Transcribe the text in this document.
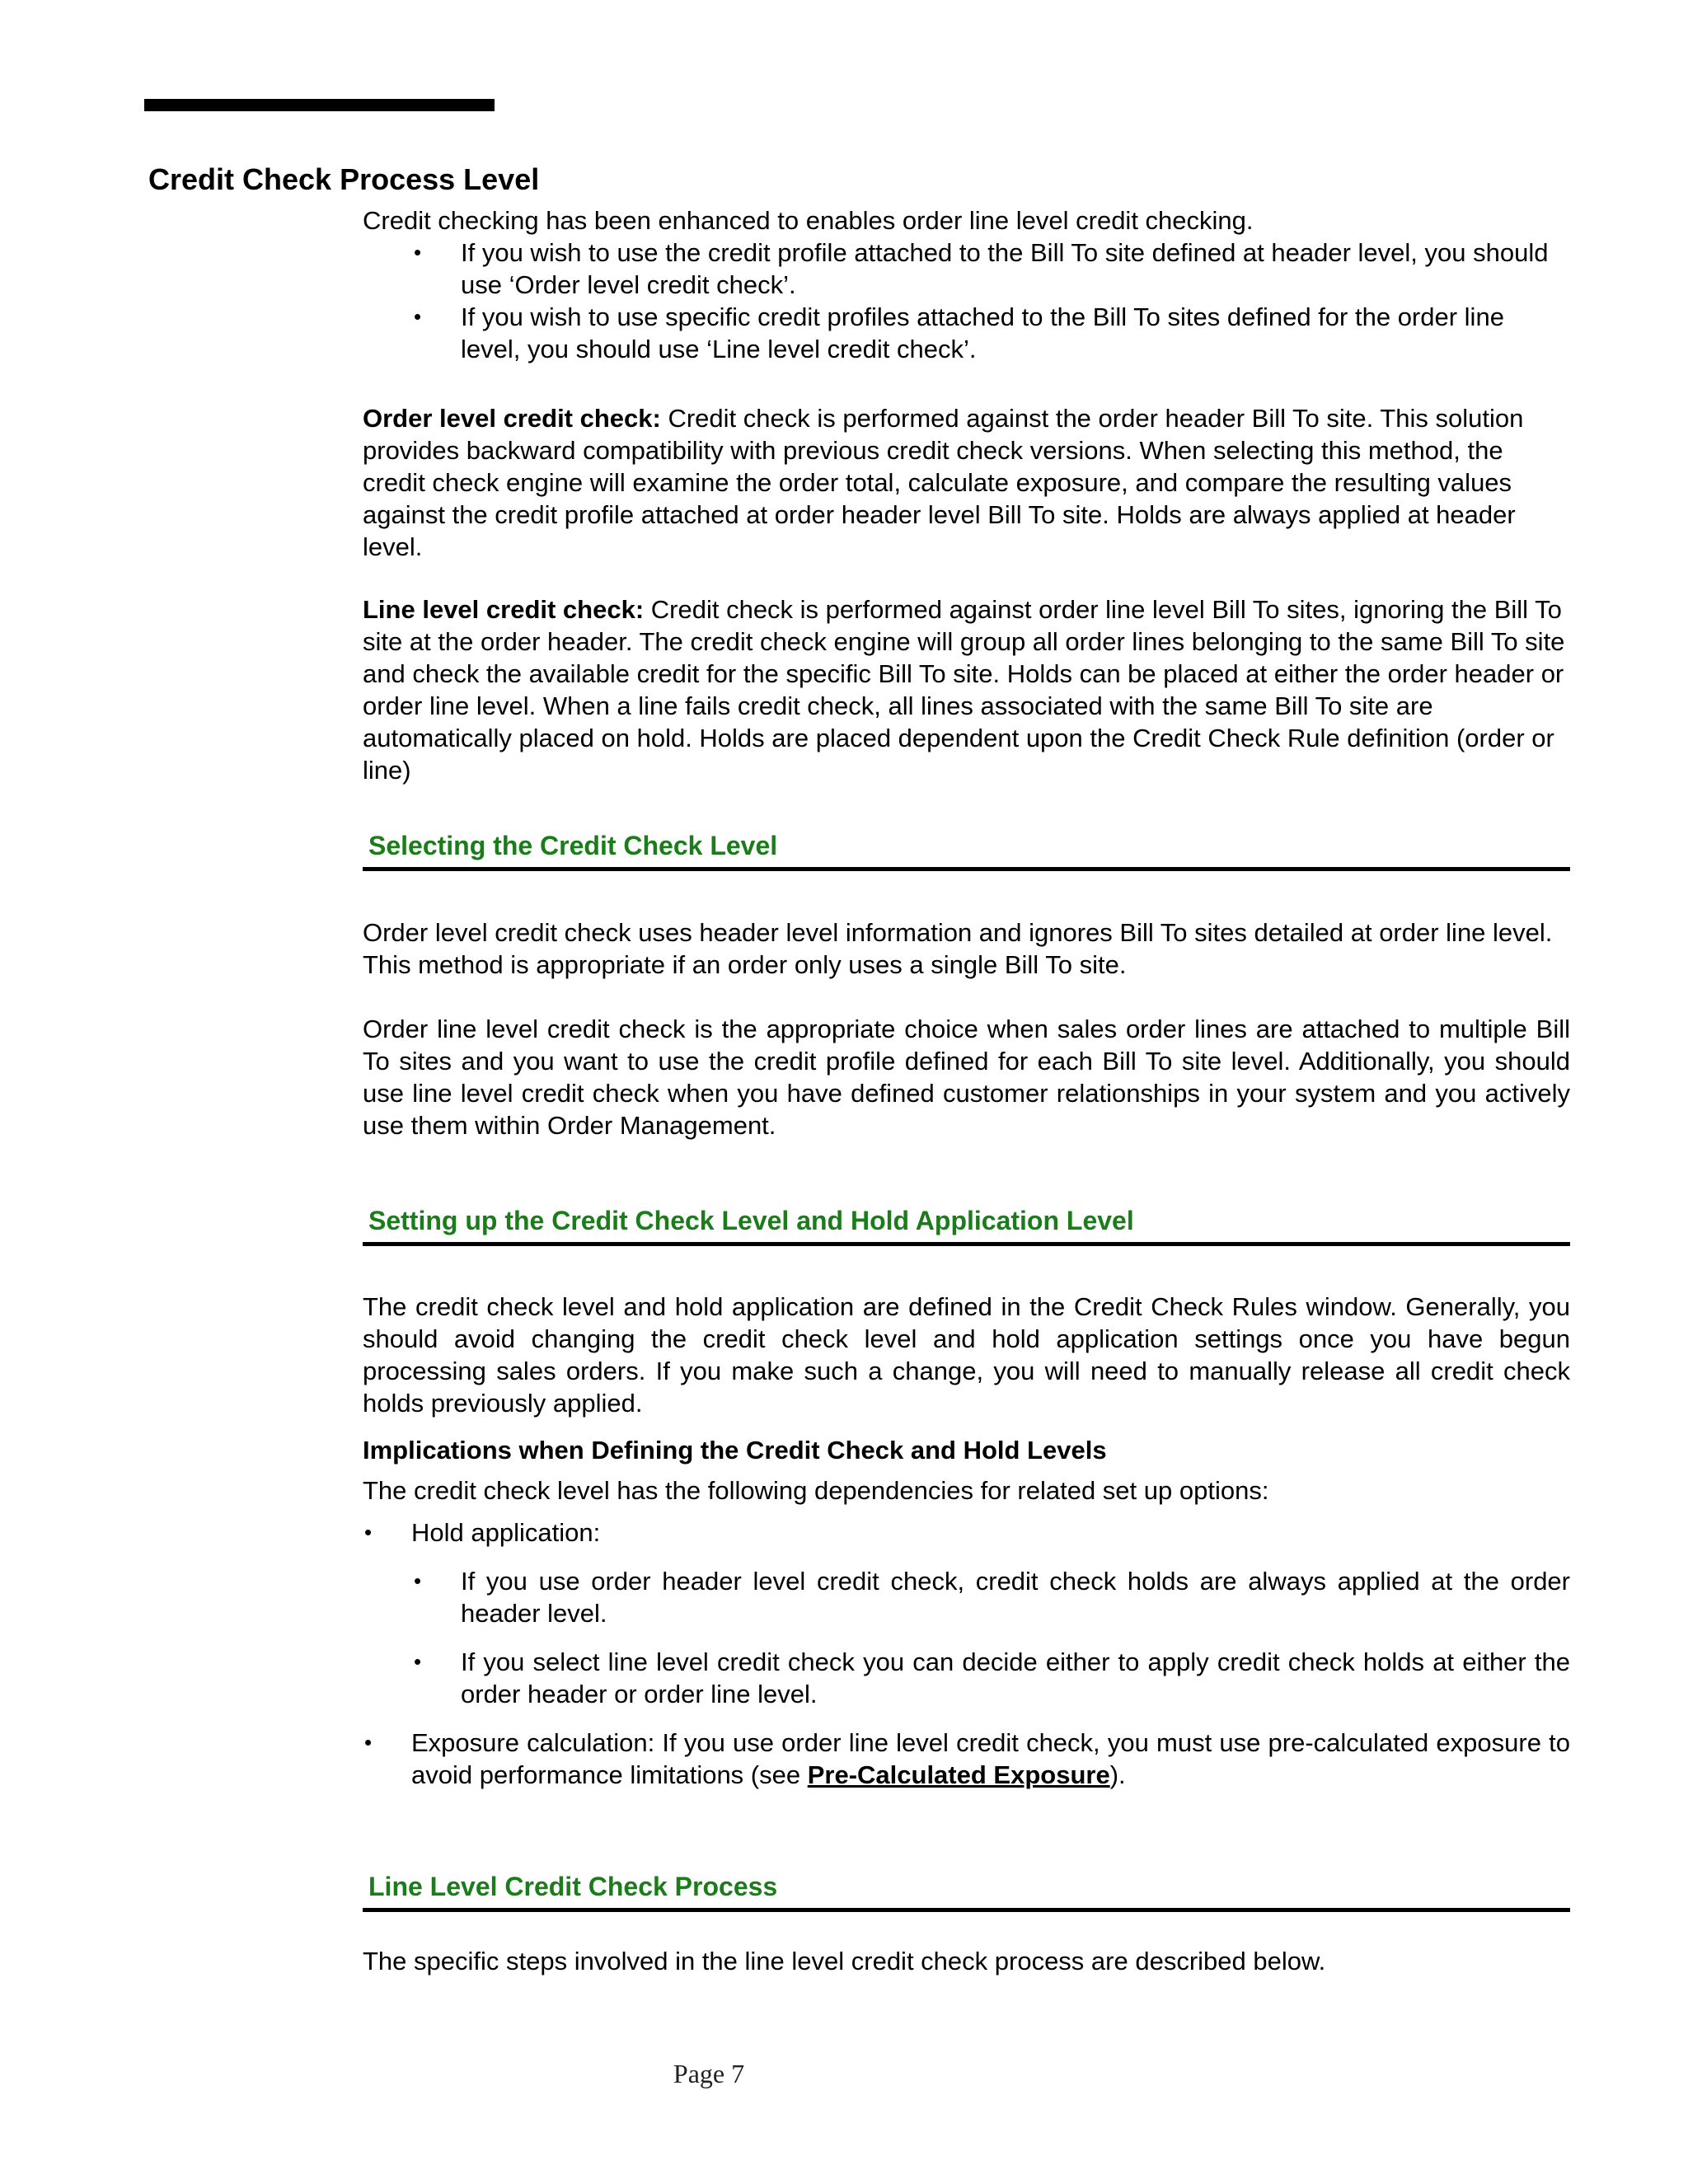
Credit Check Process Level

Credit checking has been enhanced to enables order line level credit checking.

• If you wish to use the credit profile attached to the Bill To site defined at header level, you should use ‘Order level credit check’.
• If you wish to use specific credit profiles attached to the Bill To sites defined for the order line level, you should use ‘Line level credit check’.

Order level credit check: Credit check is performed against the order header Bill To site. This solution provides backward compatibility with previous credit check versions. When selecting this method, the credit check engine will examine the order total, calculate exposure, and compare the resulting values against the credit profile attached at order header level Bill To site. Holds are always applied at header level.

Line level credit check: Credit check is performed against order line level Bill To sites, ignoring the Bill To site at the order header. The credit check engine will group all order lines belonging to the same Bill To site and check the available credit for the specific Bill To site. Holds can be placed at either the order header or order line level. When a line fails credit check, all lines associated with the same Bill To site are automatically placed on hold. Holds are placed dependent upon the Credit Check Rule definition (order or line)

Selecting the Credit Check Level

Order level credit check uses header level information and ignores Bill To sites detailed at order line level. This method is appropriate if an order only uses a single Bill To site.

Order line level credit check is the appropriate choice when sales order lines are attached to multiple Bill To sites and you want to use the credit profile defined for each Bill To site level. Additionally, you should use line level credit check when you have defined customer relationships in your system and you actively use them within Order Management.

Setting up the Credit Check Level and Hold Application Level

The credit check level and hold application are defined in the Credit Check Rules window. Generally, you should avoid changing the credit check level and hold application settings once you have begun processing sales orders. If you make such a change, you will need to manually release all credit check holds previously applied.

Implications when Defining the Credit Check and Hold Levels

The credit check level has the following dependencies for related set up options:

• Hold application:
• If you use order header level credit check, credit check holds are always applied at the order header level.
• If you select line level credit check you can decide either to apply credit check holds at either the order header or order line level.
• Exposure calculation: If you use order line level credit check, you must use pre-calculated exposure to avoid performance limitations (see Pre-Calculated Exposure).
Line Level Credit Check Process

The specific steps involved in the line level credit check process are described below.

Page 7
